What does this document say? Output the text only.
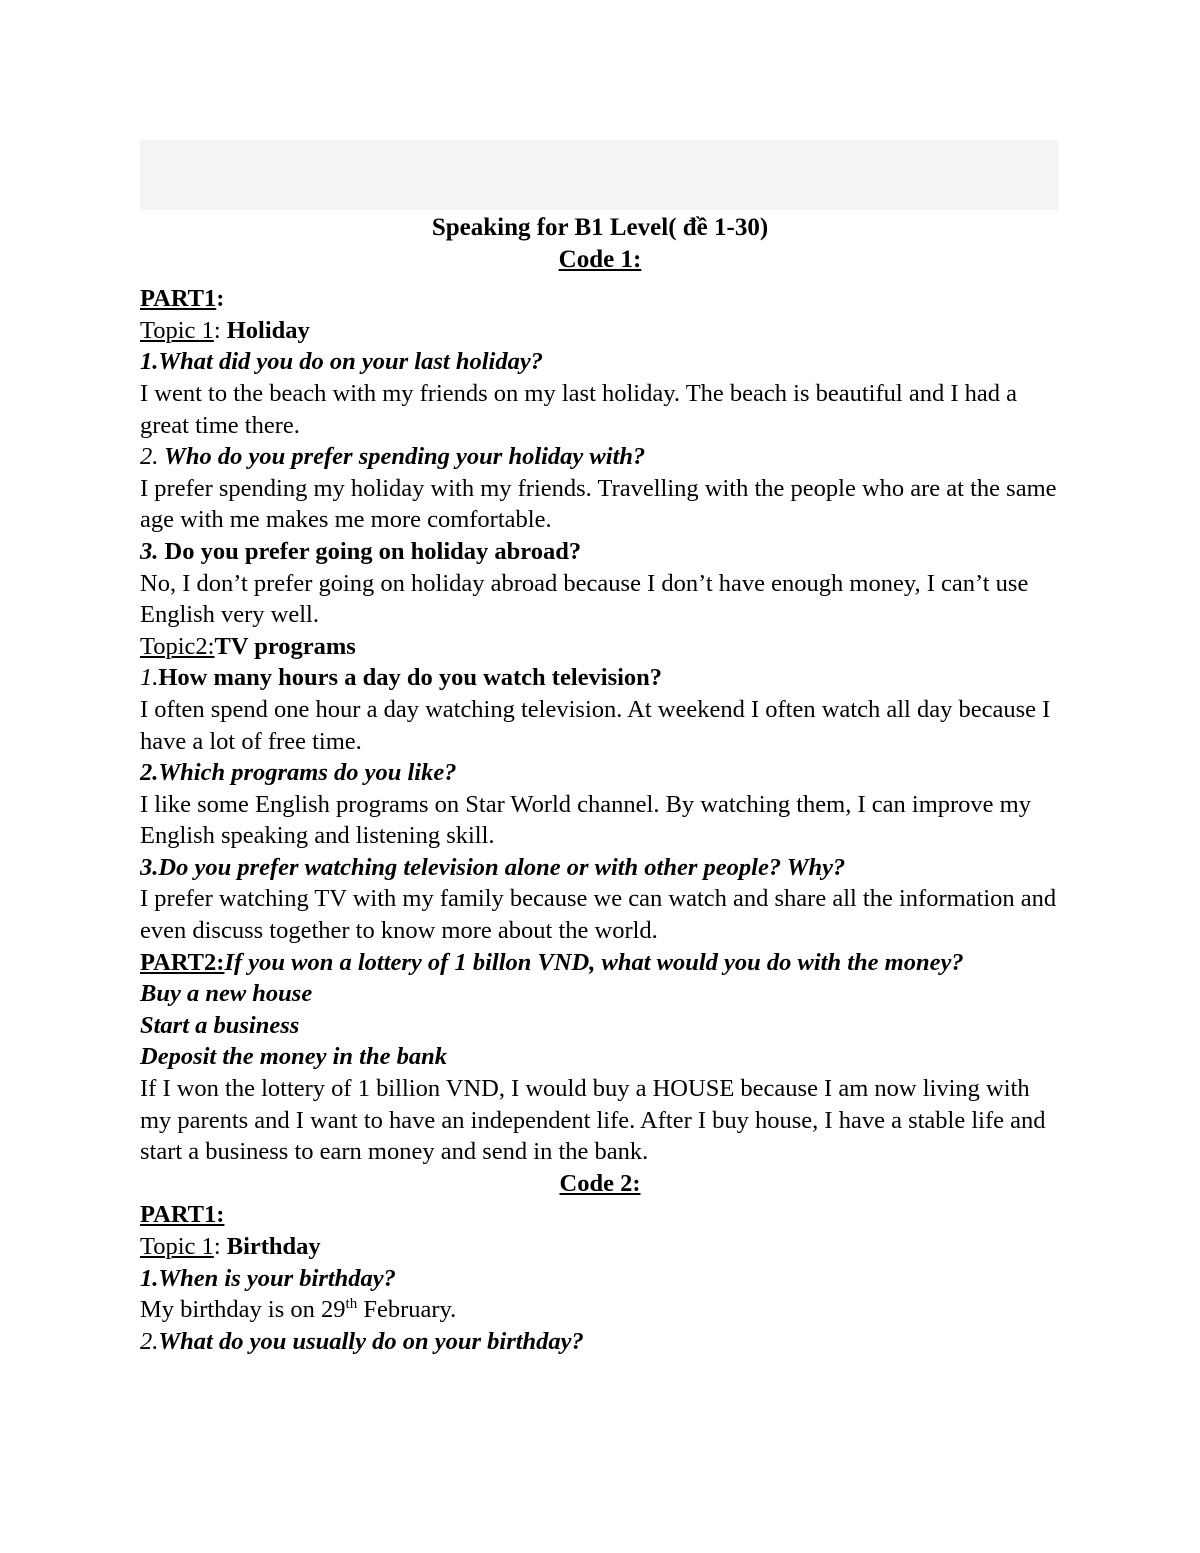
Speaking for B1 Level( đề 1-30)

Code 1:

PART1:

Topic 1: Holiday

1.What did you do on your last holiday?

I went to the beach with my friends on my last holiday. The beach is beautiful and I had a great time there.

2. Who do you prefer spending your holiday with?

I prefer spending my holiday with my friends. Travelling with the people who are at the same age with me makes me more comfortable.

3. Do you prefer going on holiday abroad?

No, I don’t prefer going on holiday abroad because I don’t have enough money, I can’t use English very well.

Topic2:TV programs

1.How many hours a day do you watch television?

I often spend one hour a day watching television. At weekend I often watch all day because I have a lot of free time.

2.Which programs do you like?

I like some English programs on Star World channel. By watching them, I can improve my English speaking and listening skill.

3.Do you prefer watching television alone or with other people? Why?

I prefer watching TV with my family because we can watch and share all the information and even discuss together to know more about the world.

PART2:If you won a lottery of 1 billon VND, what would you do with the money?

Buy a new house

Start a business

Deposit the money in the bank

If I won the lottery of 1 billion VND, I would buy a HOUSE because I am now living with my parents and I want to have an independent life. After I buy house, I have a stable life and start a business to earn money and send in the bank.

Code 2:

PART1:

Topic 1: Birthday

1.When is your birthday?

My birthday is on 29th February.

2.What do you usually do on your birthday?
